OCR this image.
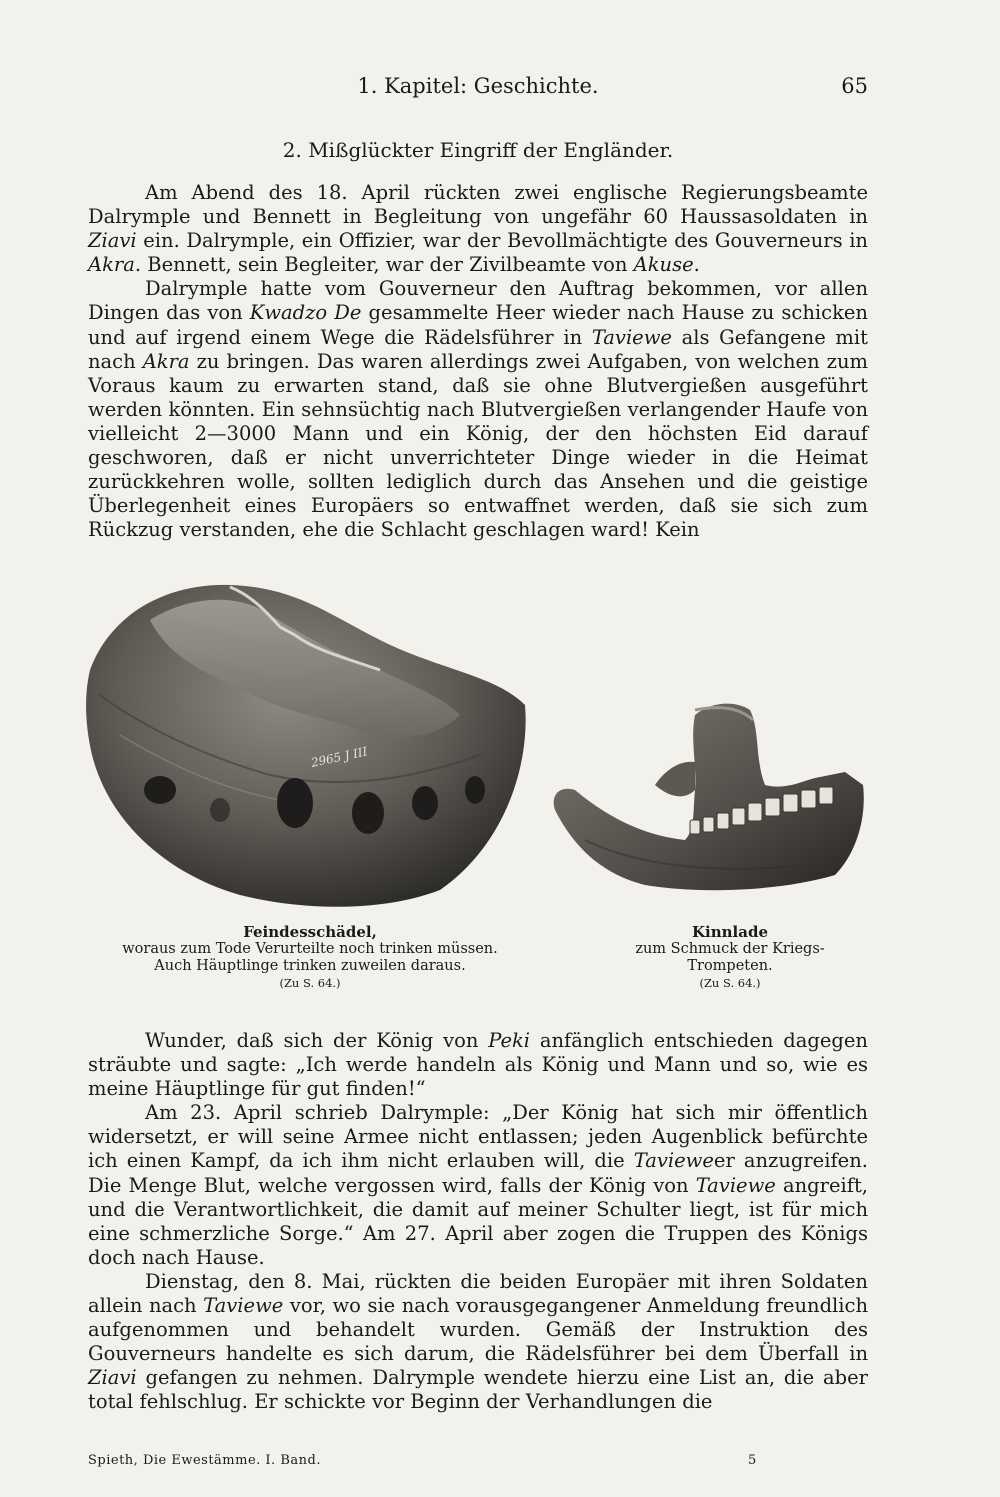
1. Kapitel: Geschichte.	65
2. Mißglückter Eingriff der Engländer.

Am Abend des 18. April rückten zwei englische Regierungsbeamte Dalrymple und Bennett in Begleitung von ungefähr 60 Haussasoldaten in Ziavi ein. Dalrymple, ein Offizier, war der Bevollmächtigte des Gouverneurs in Akra. Bennett, sein Begleiter, war der Zivilbeamte von Akuse.

Dalrymple hatte vom Gouverneur den Auftrag bekommen, vor allen Dingen das von Kwadzo De gesammelte Heer wieder nach Hause zu schicken und auf irgend einem Wege die Rädelsführer in Taviewe als Gefangene mit nach Akra zu bringen. Das waren allerdings zwei Aufgaben, von welchen zum Voraus kaum zu erwarten stand, daß sie ohne Blutvergießen ausgeführt werden könnten. Ein sehnsüchtig nach Blutvergießen verlangender Haufe von vielleicht 2—3000 Mann und ein König, der den höchsten Eid darauf geschworen, daß er nicht unverrichteter Dinge wieder in die Heimat zurückkehren wolle, sollten lediglich durch das Ansehen und die geistige Überlegenheit eines Europäers so entwaffnet werden, daß sie sich zum Rückzug verstanden, ehe die Schlacht geschlagen ward! Kein

2965 J III
Feindesschädel,
woraus zum Tode Verurteilte noch trinken müssen.
Auch Häuptlinge trinken zuweilen daraus.
(Zu S. 64.)
Kinnlade
zum Schmuck der Kriegs-
Trompeten.
(Zu S. 64.)

Wunder, daß sich der König von Peki anfänglich entschieden dagegen sträubte und sagte: „Ich werde handeln als König und Mann und so, wie es meine Häuptlinge für gut finden!“

Am 23. April schrieb Dalrymple: „Der König hat sich mir öffentlich widersetzt, er will seine Armee nicht entlassen; jeden Augenblick befürchte ich einen Kampf, da ich ihm nicht erlauben will, die Tavieweer anzugreifen. Die Menge Blut, welche vergossen wird, falls der König von Taviewe angreift, und die Verantwortlichkeit, die damit auf meiner Schulter liegt, ist für mich eine schmerzliche Sorge.“ Am 27. April aber zogen die Truppen des Königs doch nach Hause.

Dienstag, den 8. Mai, rückten die beiden Europäer mit ihren Soldaten allein nach Taviewe vor, wo sie nach vorausgegangener Anmeldung freundlich aufgenommen und behandelt wurden. Gemäß der Instruktion des Gouverneurs handelte es sich darum, die Rädelsführer bei dem Überfall in Ziavi gefangen zu nehmen. Dalrymple wendete hierzu eine List an, die aber total fehlschlug. Er schickte vor Beginn der Verhandlungen die

Spieth, Die Ewestämme. I. Band.	5
